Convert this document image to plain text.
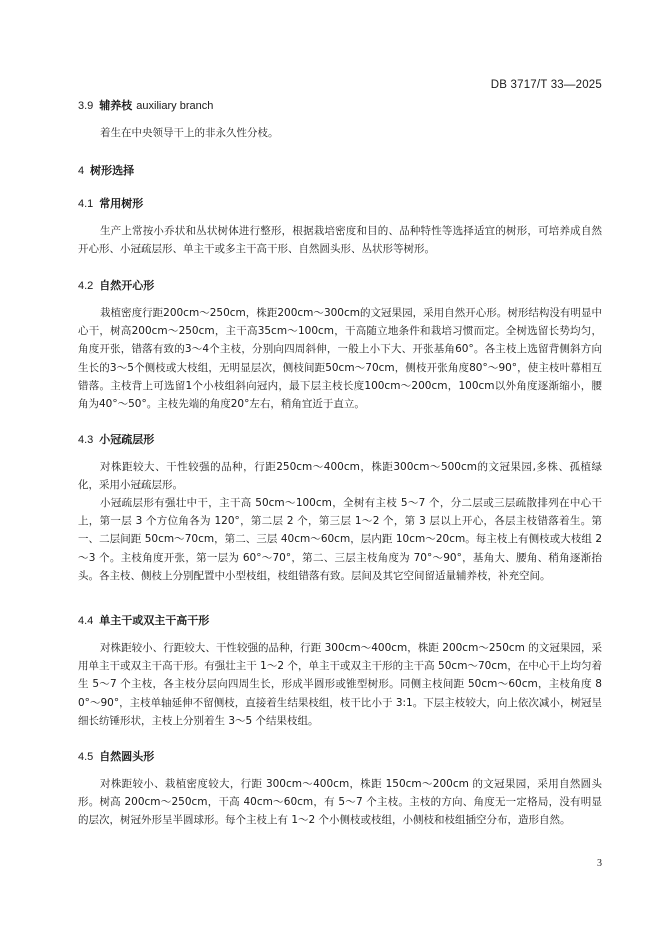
DB 3717/T 33—2025
3.9 辅养枝 auxiliary branch

着生在中央领导干上的非永久性分枝。

4 树形选择
4.1 常用树形

生产上常按小乔状和丛状树体进行整形，根据栽培密度和目的、品种特性等选择适宜的树形，可培养成自然开心形、小冠疏层形、单主干或多主干高干形、自然圆头形、丛状形等树形。

4.2 自然开心形

栽植密度行距200cm～250cm，株距200cm～300cm的文冠果园，采用自然开心形。树形结构没有明显中心干，树高200cm～250cm，主干高35cm～100cm，干高随立地条件和栽培习惯而定。全树选留长势均匀，角度开张，错落有致的3～4个主枝，分别向四周斜伸，一般上小下大、开张基角60°。各主枝上选留背侧斜方向生长的3～5个侧枝或大枝组，无明显层次，侧枝间距50cm～70cm，侧枝开张角度80°～90°，使主枝叶幕相互错落。主枝背上可选留1个小枝组斜向冠内，最下层主枝长度100cm～200cm，100cm以外角度逐渐缩小，腰角为40°～50°。主枝先端的角度20°左右，稍角宜近于直立。

4.3 小冠疏层形

对株距较大、干性较强的品种，行距250cm～400cm，株距300cm～500cm的文冠果园,多株、孤植绿化，采用小冠疏层形。

小冠疏层形有强壮中干，主干高 50cm～100cm，全树有主枝 5～7 个，分二层或三层疏散排列在中心干上，第一层 3 个方位角各为 120°，第二层 2 个，第三层 1～2 个，第 3 层以上开心，各层主枝错落着生。第一、二层间距 50cm～70cm，第二、三层 40cm～60cm，层内距 10cm～20cm。每主枝上有侧枝或大枝组 2～3 个。主枝角度开张，第一层为 60°～70°，第二、三层主枝角度为 70°～90°，基角大、腰角、稍角逐渐抬头。各主枝、侧枝上分别配置中小型枝组，枝组错落有致。层间及其它空间留适量辅养枝，补充空间。

4.4 单主干或双主干高干形

对株距较小、行距较大、干性较强的品种，行距 300cm～400cm，株距 200cm～250cm 的文冠果园，采用单主干或双主干高干形。有强壮主干 1～2 个，单主干或双主干形的主干高 50cm～70cm，在中心干上均匀着生 5～7 个主枝，各主枝分层向四周生长，形成半圆形或锥型树形。同侧主枝间距 50cm～60cm，主枝角度 80°～90°，主枝单轴延伸不留侧枝，直接着生结果枝组，枝干比小于 3:1。下层主枝较大，向上依次减小，树冠呈细长纺锤形状，主枝上分别着生 3～5 个结果枝组。

4.5 自然圆头形

对株距较小、栽植密度较大，行距 300cm～400cm，株距 150cm～200cm 的文冠果园，采用自然圆头形。树高 200cm～250cm，干高 40cm～60cm，有 5～7 个主枝。主枝的方向、角度无一定格局，没有明显的层次，树冠外形呈半圆球形。每个主枝上有 1～2 个小侧枝或枝组，小侧枝和枝组插空分布，造形自然。

3
